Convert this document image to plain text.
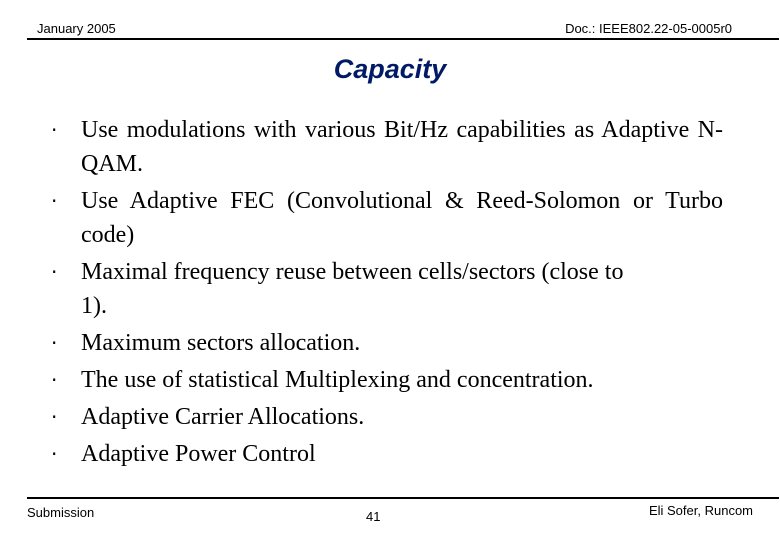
January 2005	Doc.: IEEE802.22-05-0005r0
Capacity
· Use modulations with various Bit/Hz capabilities as Adaptive N-QAM.
· Use Adaptive FEC (Convolutional & Reed-Solomon or Turbo code)
· Maximal frequency reuse between cells/sectors (close to 1).
· Maximum sectors allocation.
· The use of statistical Multiplexing and concentration.
· Adaptive Carrier Allocations.
· Adaptive Power Control
Submission	41	Eli Sofer, Runcom
